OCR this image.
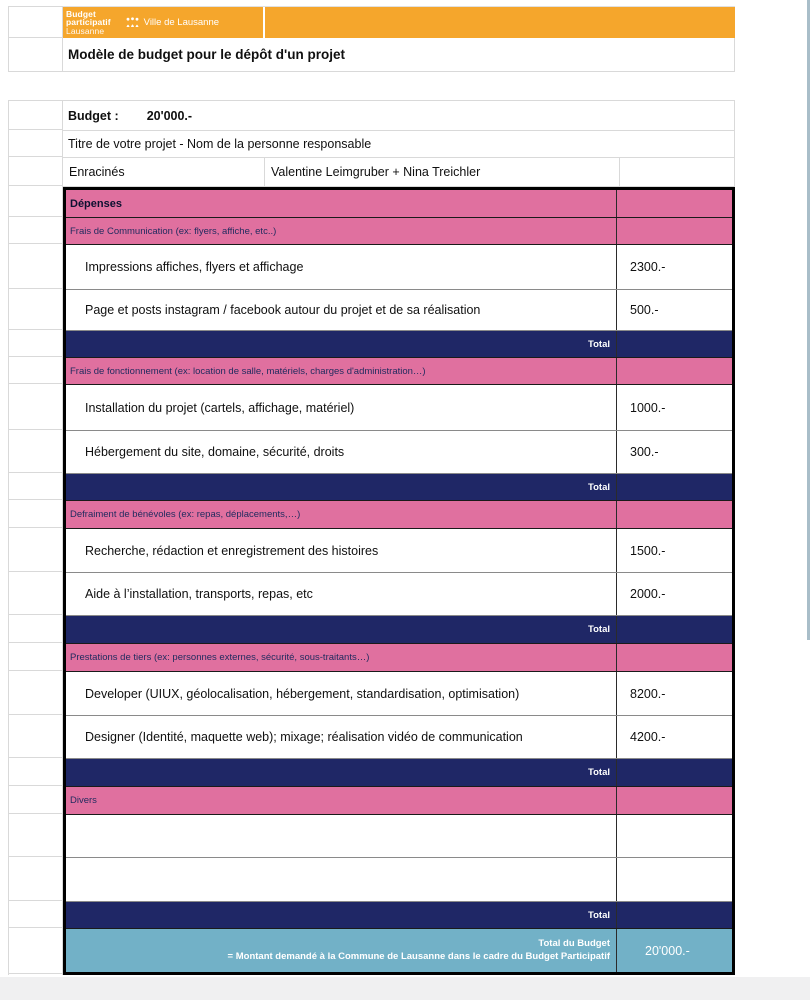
Budget
participatif
Lausanne
Ville de Lausanne
Modèle de budget pour le dépôt d'un projet
Budget : 20'000.-
Titre de votre projet - Nom de la personne responsable
Enracinés	Valentine Leimgruber + Nina Treichler
Dépenses
Frais de Communication (ex: flyers, affiche, etc..)
Impressions affiches, flyers et affichage	2300.-
Page et posts instagram / facebook autour du projet et de sa réalisation	500.-
Total
Frais de fonctionnement (ex: location de salle, matériels, charges d'administration…)
Installation du projet (cartels, affichage, matériel)	1000.-
Hébergement du site, domaine, sécurité, droits	300.-
Total
Defraiment de bénévoles (ex: repas, déplacements,…)
Recherche, rédaction et enregistrement des histoires	1500.-
Aide à l’installation, transports, repas, etc	2000.-
Total
Prestations de tiers (ex: personnes externes, sécurité, sous-traitants…)
Developer (UIUX, géolocalisation, hébergement, standardisation, optimisation)	8200.-
Designer (Identité, maquette web); mixage; réalisation vidéo de communication	4200.-
Total
Divers
Total
Total du Budget
= Montant demandé à la Commune de Lausanne dans le cadre du Budget Participatif	20'000.-
